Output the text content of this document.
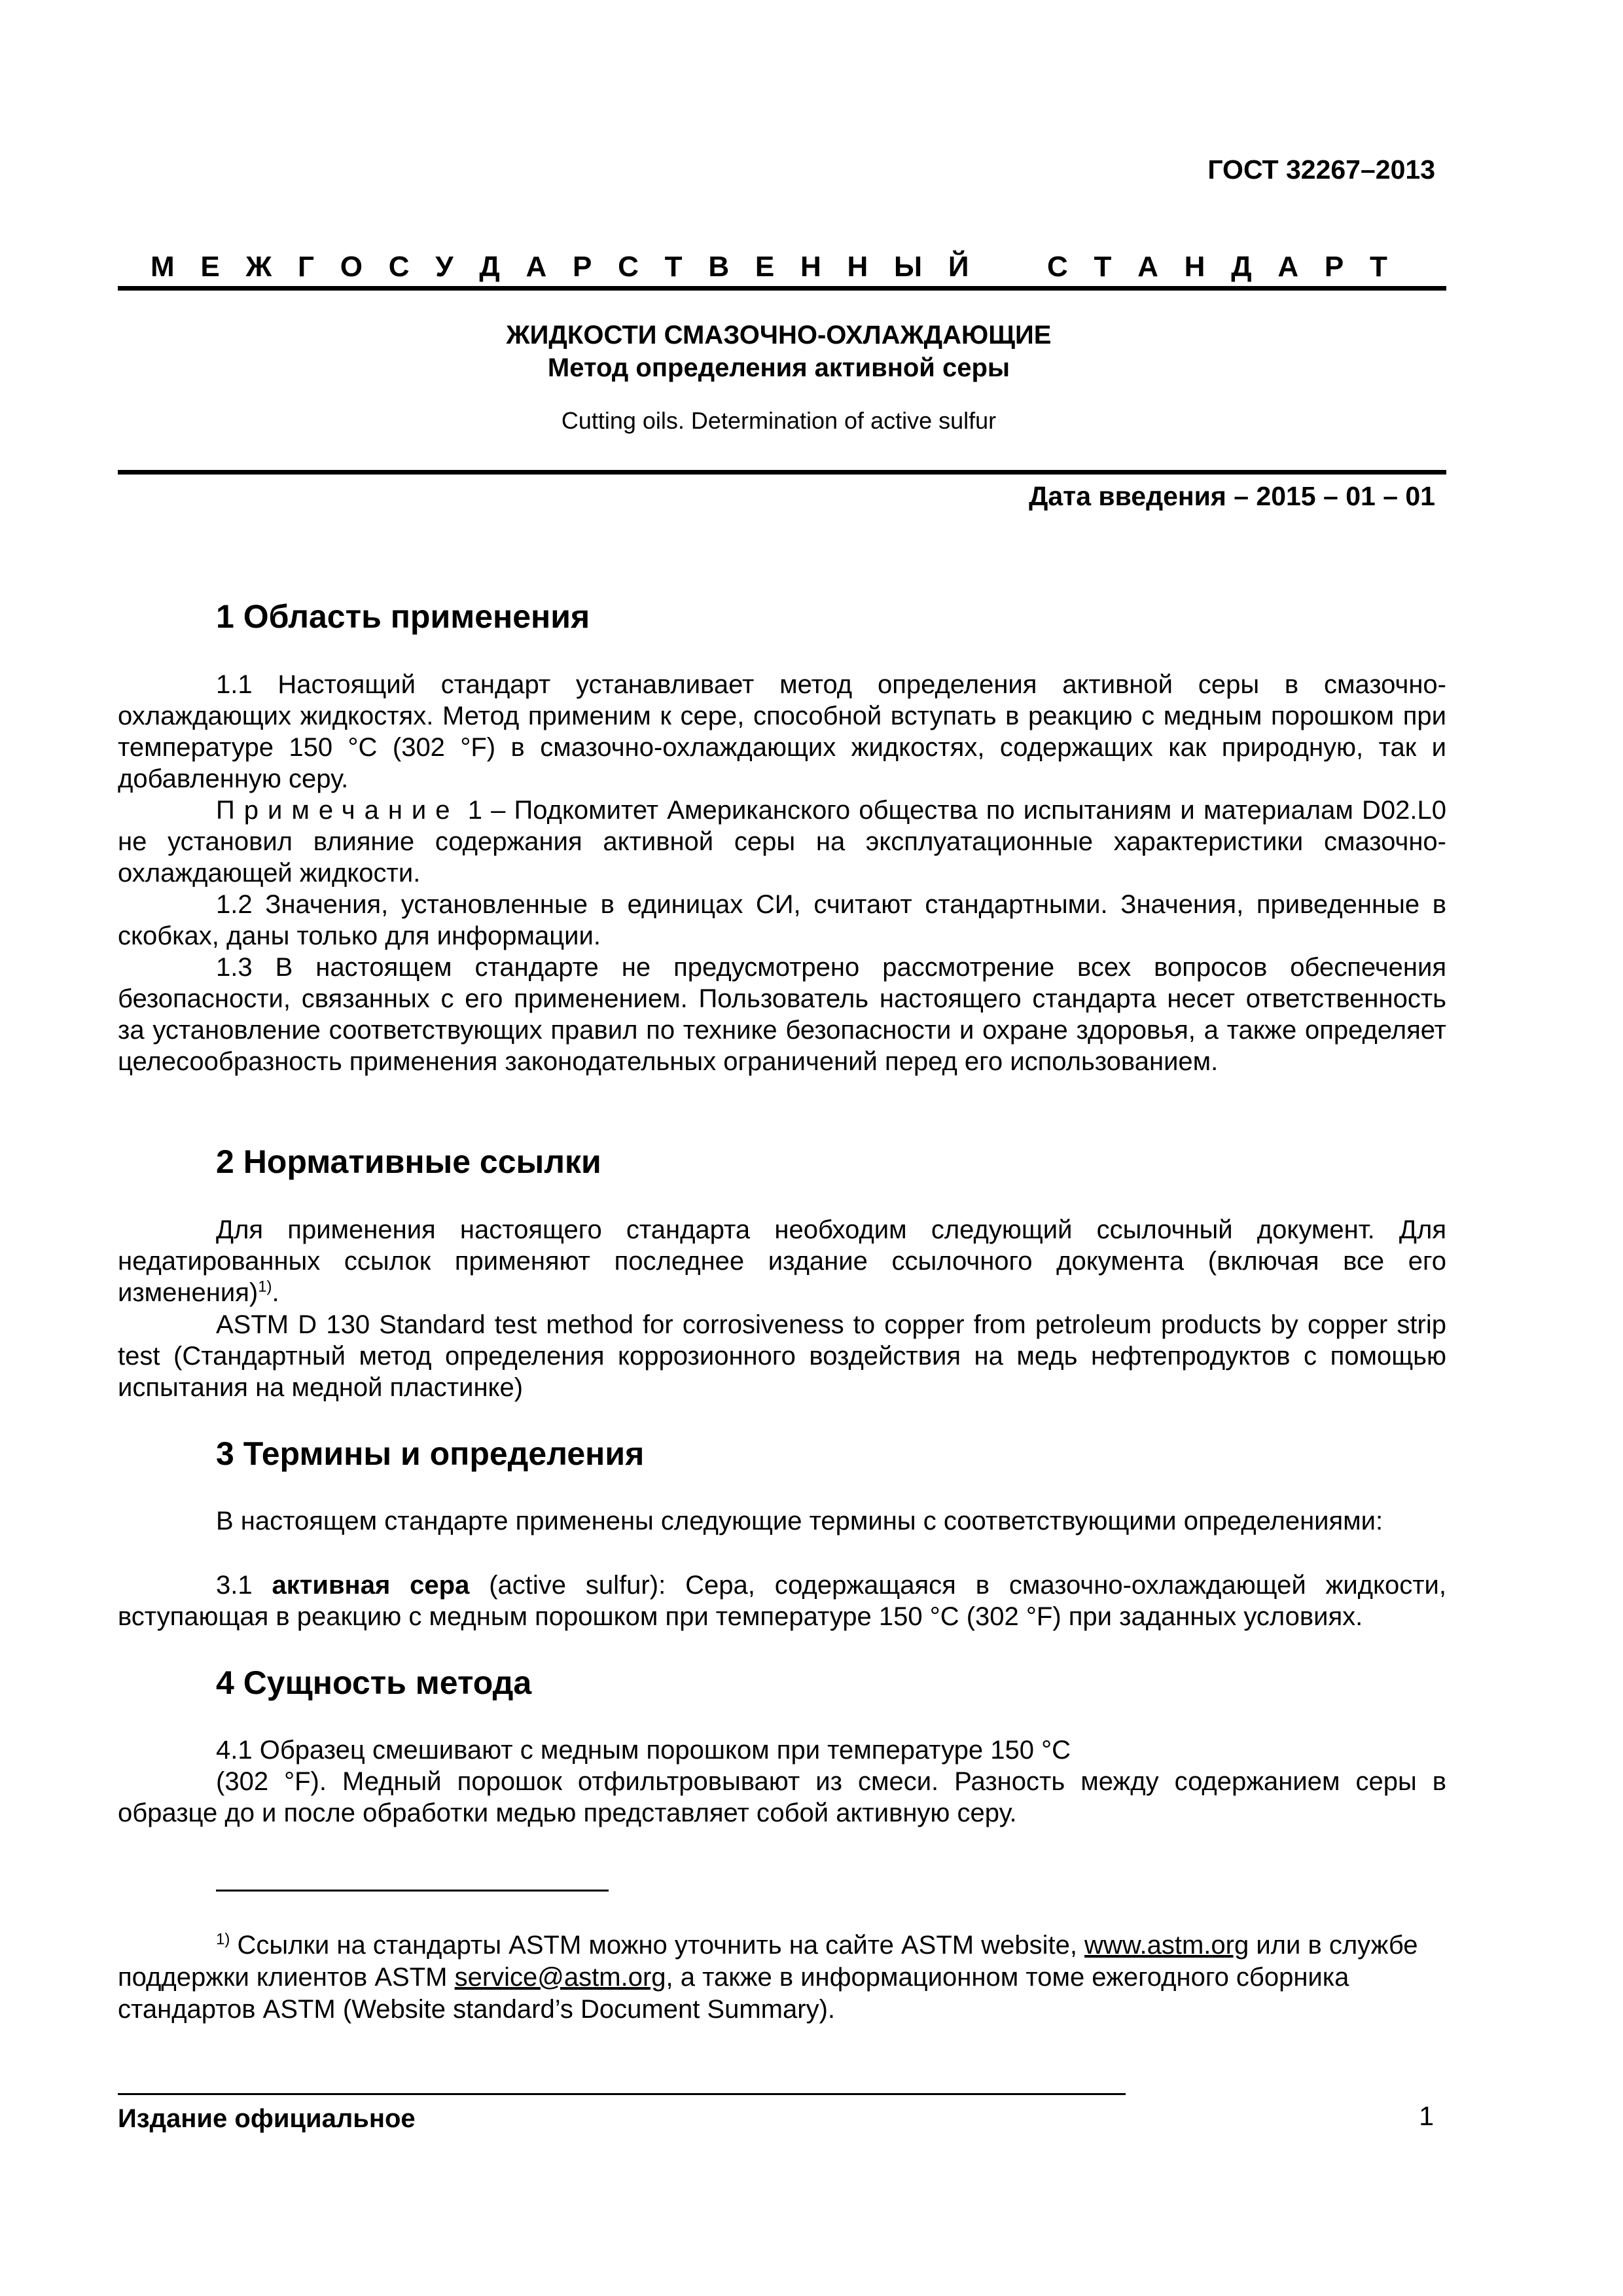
ГОСТ 32267–2013
М Е Ж Г О С У Д А Р С Т В Е Н Н Ы Й	С Т А Н Д А Р Т
ЖИДКОСТИ СМАЗОЧНО-ОХЛАЖДАЮЩИЕ
Метод определения активной серы
Cutting oils. Determination of active sulfur
Дата введения – 2015 – 01 – 01
1 Область применения

1.1 Настоящий стандарт устанавливает метод определения активной серы в смазочно-охлаждающих жидкостях. Метод применим к сере, способной вступать в реакцию с медным порошком при температуре 150 °C (302 °F) в смазочно-охлаждающих жидкостях, содержащих как природную, так и добавленную серу.

Примечание 1 – Подкомитет Американского общества по испытаниям и материалам D02.L0 не установил влияние содержания активной серы на эксплуатационные характеристики смазочно-охлаждающей жидкости.

1.2 Значения, установленные в единицах СИ, считают стандартными. Значения, приведенные в скобках, даны только для информации.

1.3 В настоящем стандарте не предусмотрено рассмотрение всех вопросов обеспечения безопасности, связанных с его применением. Пользователь настоящего стандарта несет ответственность за установление соответствующих правил по технике безопасности и охране здоровья, а также определяет целесообразность применения законодательных ограничений перед его использованием.

2 Нормативные ссылки

Для применения настоящего стандарта необходим следующий ссылочный документ. Для недатированных ссылок применяют последнее издание ссылочного документа (включая все его изменения)$^{1)}$.

ASTM D 130 Standard test method for corrosiveness to copper from petroleum products by copper strip test (Стандартный метод определения коррозионного воздействия на медь нефтепродуктов с помощью испытания на медной пластинке)

3 Термины и определения

В настоящем стандарте применены следующие термины с соответствующими определениями:

3.1 активная сера (active sulfur): Сера, содержащаяся в смазочно-охлаждающей жидкости, вступающая в реакцию с медным порошком при температуре 150 °C (302 °F) при заданных условиях.

4 Сущность метода

4.1 Образец смешивают с медным порошком при температуре 150 °C

(302 °F). Медный порошок отфильтровывают из смеси. Разность между содержанием серы в образце до и после обработки медью представляет собой активную серу.

$^{1)}$ Ссылки на стандарты ASTM можно уточнить на сайте ASTM website, www.astm.org или в службе поддержки клиентов ASTM service@astm.org, а также в информационном томе ежегодного сборника стандартов ASTM (Website standard’s Document Summary).
Издание официальное	1
